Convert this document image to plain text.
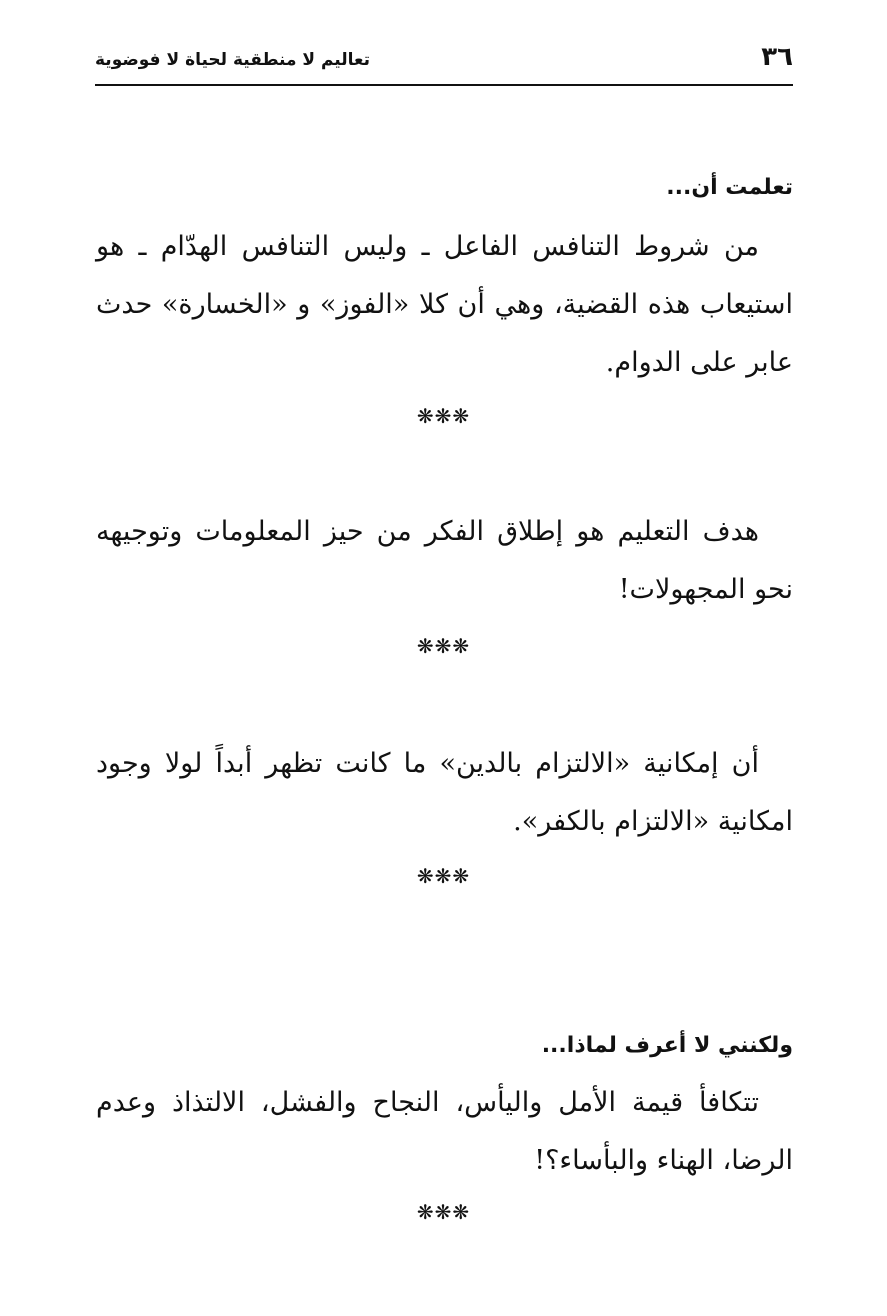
٣٦
تعاليم لا منطقية لحياة لا فوضوية
تعلمت أن...
من شروط التنافس الفاعل ـ وليس التنافس الهدّام ـ هو استيعاب هذه القضية، وهي أن كلا «الفوز» و «الخسارة» حدث عابر على الدوام.
❋❋❋
هدف التعليم هو إطلاق الفكر من حيز المعلومات وتوجيهه نحو المجهولات!
❋❋❋
أن إمكانية «الالتزام بالدين» ما كانت تظهر أبداً لولا وجود امكانية «الالتزام بالكفر».
❋❋❋
ولكنني لا أعرف لماذا...
تتكافأ قيمة الأمل واليأس، النجاح والفشل، الالتذاذ وعدم الرضا، الهناء والبأساء؟!
❋❋❋
